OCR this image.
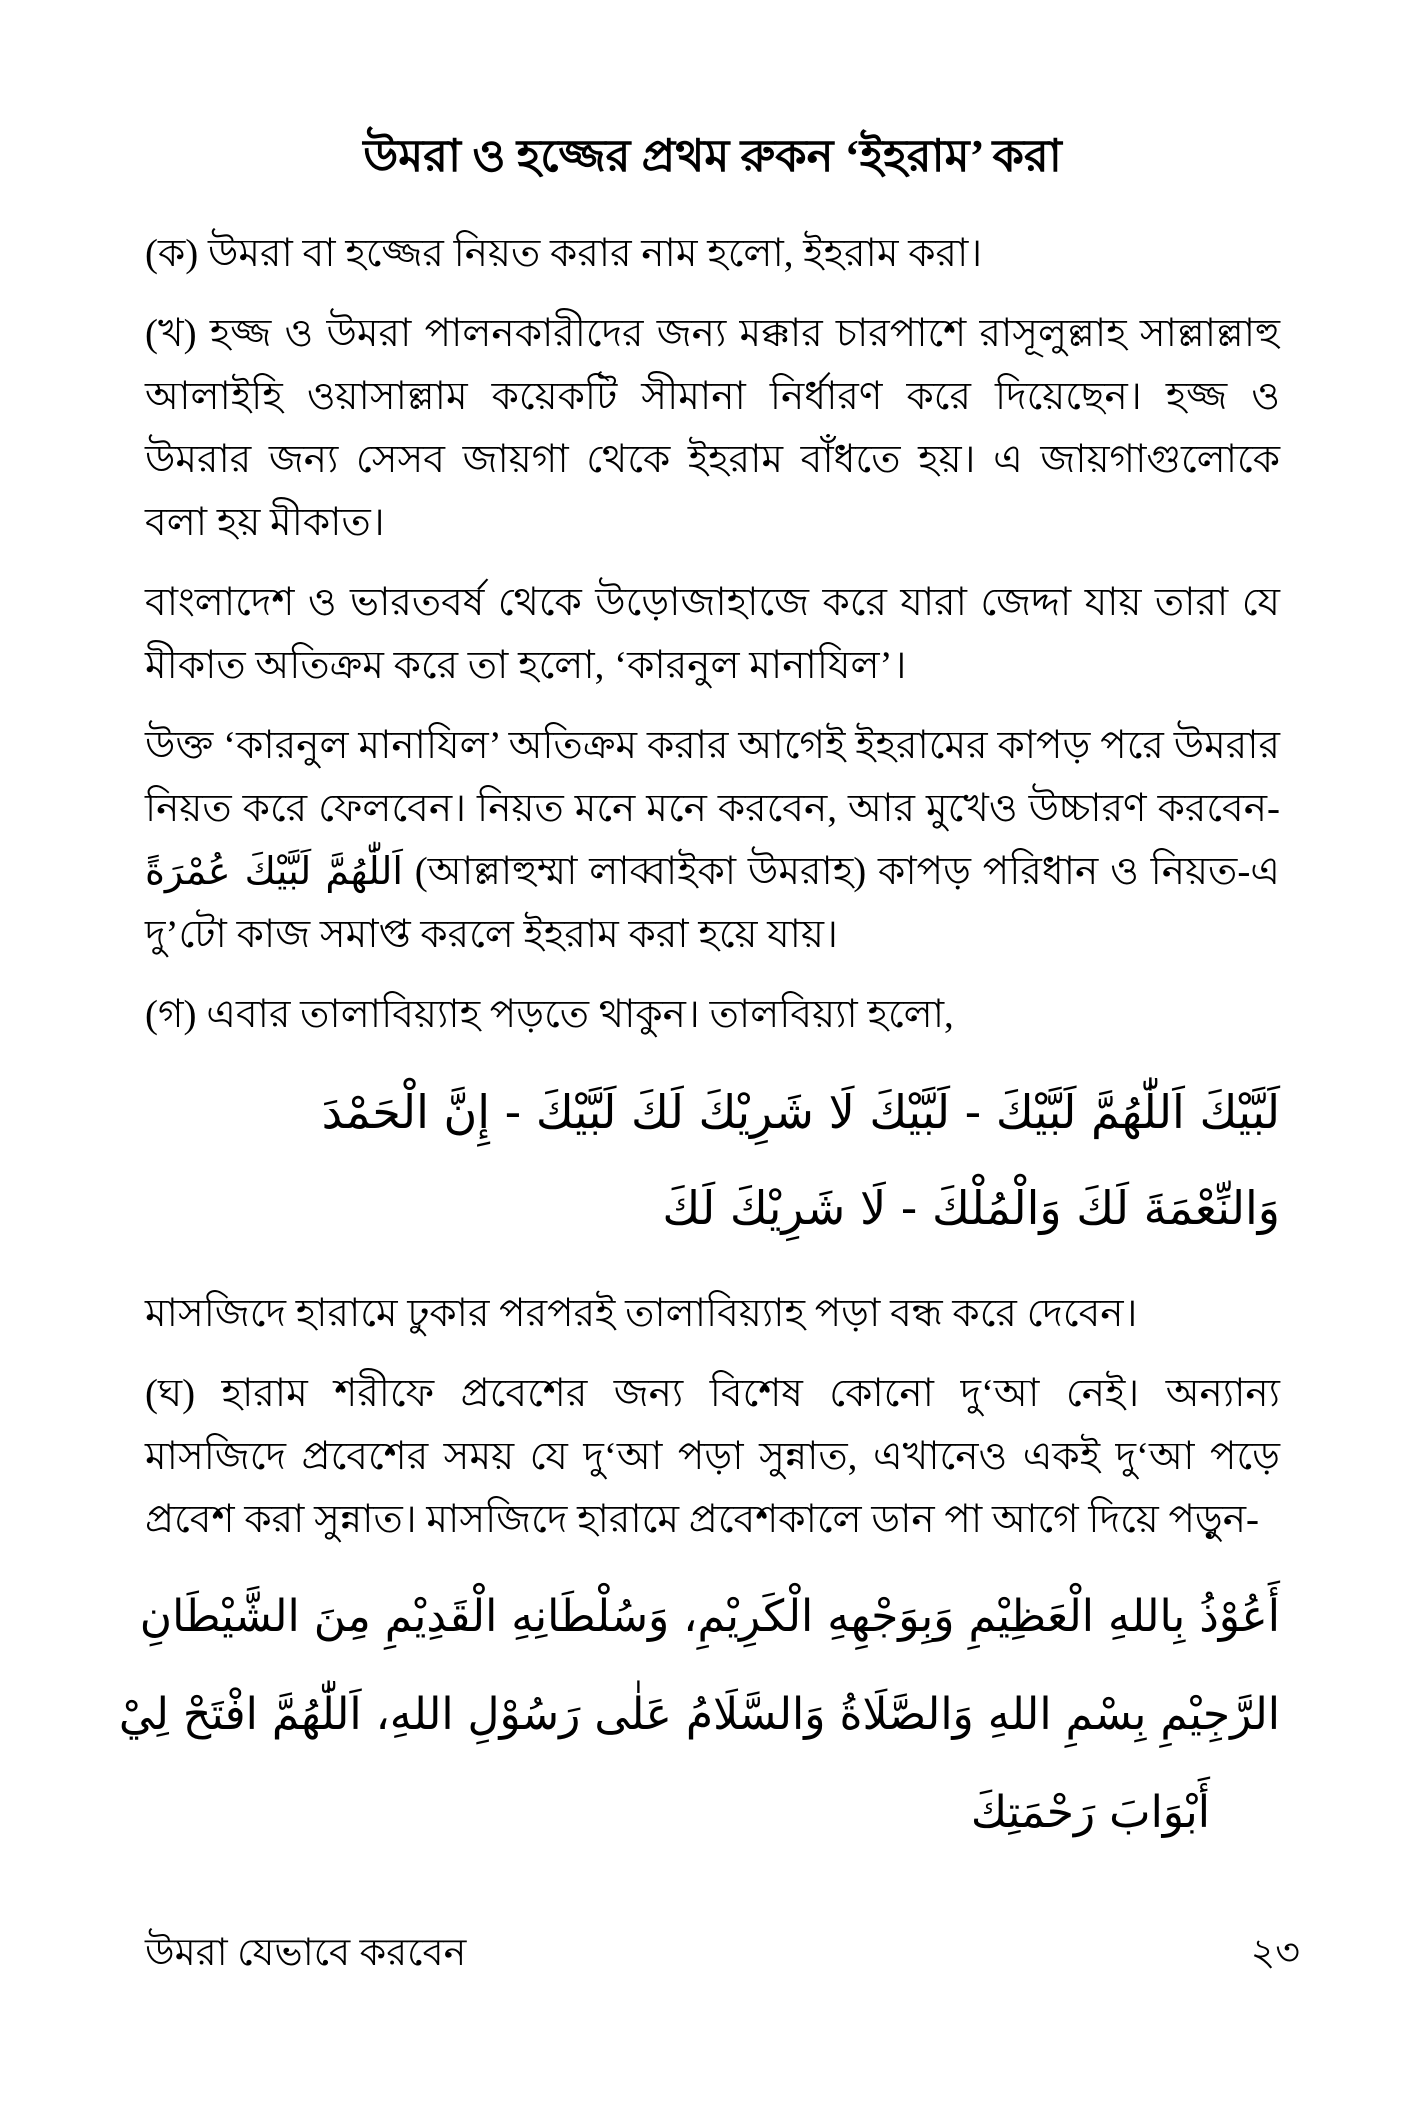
উমরা ও হজ্জের প্রথম রুকন ‘ইহরাম’ করা

(ক) উমরা বা হজ্জের নিয়ত করার নাম হলো, ইহরাম করা।

(খ) হজ্জ ও উমরা পালনকারীদের জন্য মক্কার চারপাশে রাসূলুল্লাহ সাল্লাল্লাহু আলাইহি ওয়াসাল্লাম কয়েকটি সীমানা নির্ধারণ করে দিয়েছেন। হজ্জ ও উমরার জন্য সেসব জায়গা থেকে ইহরাম বাঁধতে হয়। এ জায়গাগুলোকে বলা হয় মীকাত।

বাংলাদেশ ও ভারতবর্ষ থেকে উড়োজাহাজে করে যারা জেদ্দা যায় তারা যে মীকাত অতিক্রম করে তা হলো, ‘কারনুল মানাযিল’।

উক্ত ‘কারনুল মানাযিল’ অতিক্রম করার আগেই ইহরামের কাপড় পরে উমরার নিয়ত করে ফেলবেন। নিয়ত মনে মনে করবেন, আর মুখেও উচ্চারণ করবেন- اَللّٰهُمَّ لَبَّيْكَ عُمْرَةً (আল্লাহুম্মা লাব্বাইকা উমরাহ) কাপড় পরিধান ও নিয়ত-এ দু’টো কাজ সমাপ্ত করলে ইহরাম করা হয়ে যায়।

(গ) এবার তালাবিয়্যাহ পড়তে থাকুন। তালবিয়্যা হলো,

لَبَّيْكَ اَللّٰهُمَّ لَبَّيْكَ - لَبَّيْكَ لَا شَرِيْكَ لَكَ لَبَّيْكَ - إِنَّ الْحَمْدَ
وَالنِّعْمَةَ لَكَ وَالْمُلْكَ - لَا شَرِيْكَ لَكَ

মাসজিদে হারামে ঢুকার পরপরই তালাবিয়্যাহ পড়া বন্ধ করে দেবেন।

(ঘ) হারাম শরীফে প্রবেশের জন্য বিশেষ কোনো দু‘আ নেই। অন্যান্য মাসজিদে প্রবেশের সময় যে দু‘আ পড়া সুন্নাত, এখানেও একই দু‘আ পড়ে প্রবেশ করা সুন্নাত। মাসজিদে হারামে প্রবেশকালে ডান পা আগে দিয়ে পড়ুন-

أَعُوْذُ بِاللهِ الْعَظِيْمِ وَبِوَجْهِهِ الْكَرِيْمِ، وَسُلْطَانِهِ الْقَدِيْمِ مِنَ الشَّيْطَانِ
الرَّجِيْمِ بِسْمِ اللهِ وَالصَّلَاةُ وَالسَّلَامُ عَلٰى رَسُوْلِ اللهِ، اَللّٰهُمَّ افْتَحْ لِيْ
أَبْوَابَ رَحْمَتِكَ
উমরা যেভাবে করবেন	২৩
